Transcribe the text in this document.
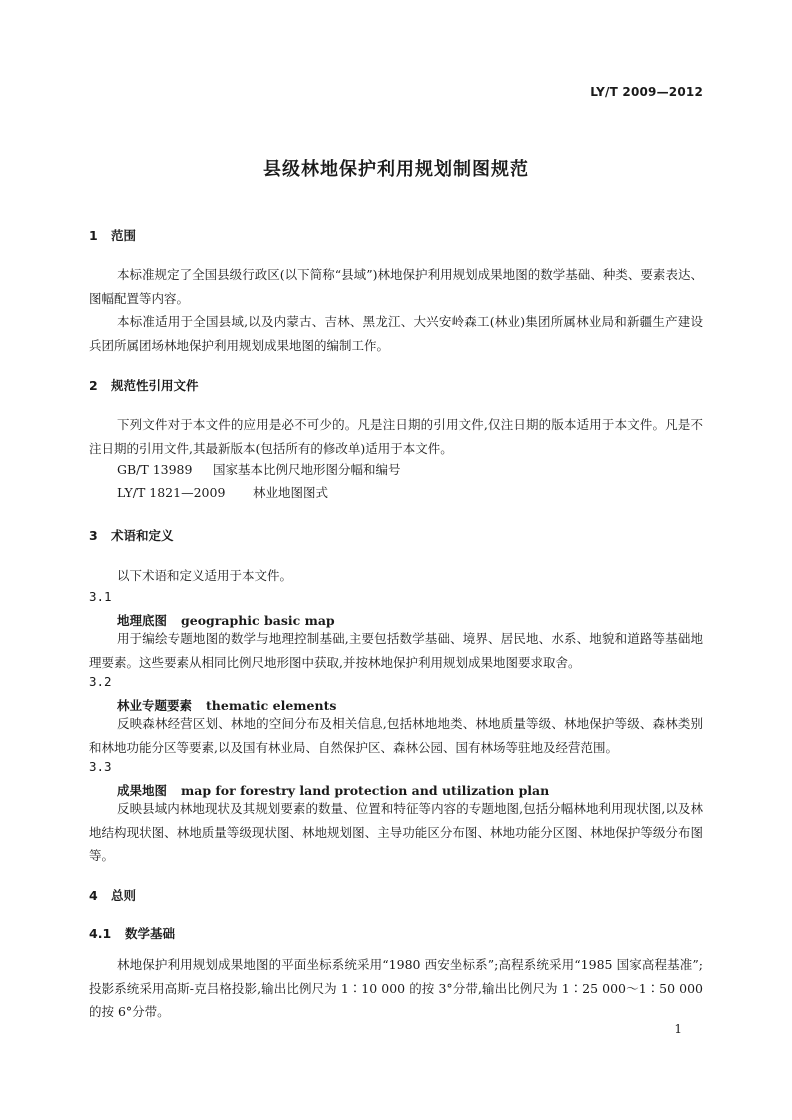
LY/T 2009—2012
县级林地保护利用规划制图规范
1 范围
本标准规定了全国县级行政区(以下简称“县域”)林地保护利用规划成果地图的数学基础、种类、要素表达、图幅配置等内容。
本标准适用于全国县域,以及内蒙古、吉林、黑龙江、大兴安岭森工(林业)集团所属林业局和新疆生产建设兵团所属团场林地保护利用规划成果地图的编制工作。
2 规范性引用文件
下列文件对于本文件的应用是必不可少的。凡是注日期的引用文件,仅注日期的版本适用于本文件。凡是不注日期的引用文件,其最新版本(包括所有的修改单)适用于本文件。
GB/T 13989 国家基本比例尺地形图分幅和编号
LY/T 1821—2009 林业地图图式
3 术语和定义
以下术语和定义适用于本文件。
3.1
地理底图 geographic basic map
用于编绘专题地图的数学与地理控制基础,主要包括数学基础、境界、居民地、水系、地貌和道路等基础地理要素。这些要素从相同比例尺地形图中获取,并按林地保护利用规划成果地图要求取舍。
3.2
林业专题要素 thematic elements
反映森林经营区划、林地的空间分布及相关信息,包括林地地类、林地质量等级、林地保护等级、森林类别和林地功能分区等要素,以及国有林业局、自然保护区、森林公园、国有林场等驻地及经营范围。
3.3
成果地图 map for forestry land protection and utilization plan
反映县域内林地现状及其规划要素的数量、位置和特征等内容的专题地图,包括分幅林地利用现状图,以及林地结构现状图、林地质量等级现状图、林地规划图、主导功能区分布图、林地功能分区图、林地保护等级分布图等。
4 总则
4.1 数学基础
林地保护利用规划成果地图的平面坐标系统采用“1980 西安坐标系”;高程系统采用“1985 国家高程基准”;投影系统采用高斯-克吕格投影,输出比例尺为 1∶10 000 的按 3°分带,输出比例尺为 1∶25 000～1∶50 000 的按 6°分带。
1
